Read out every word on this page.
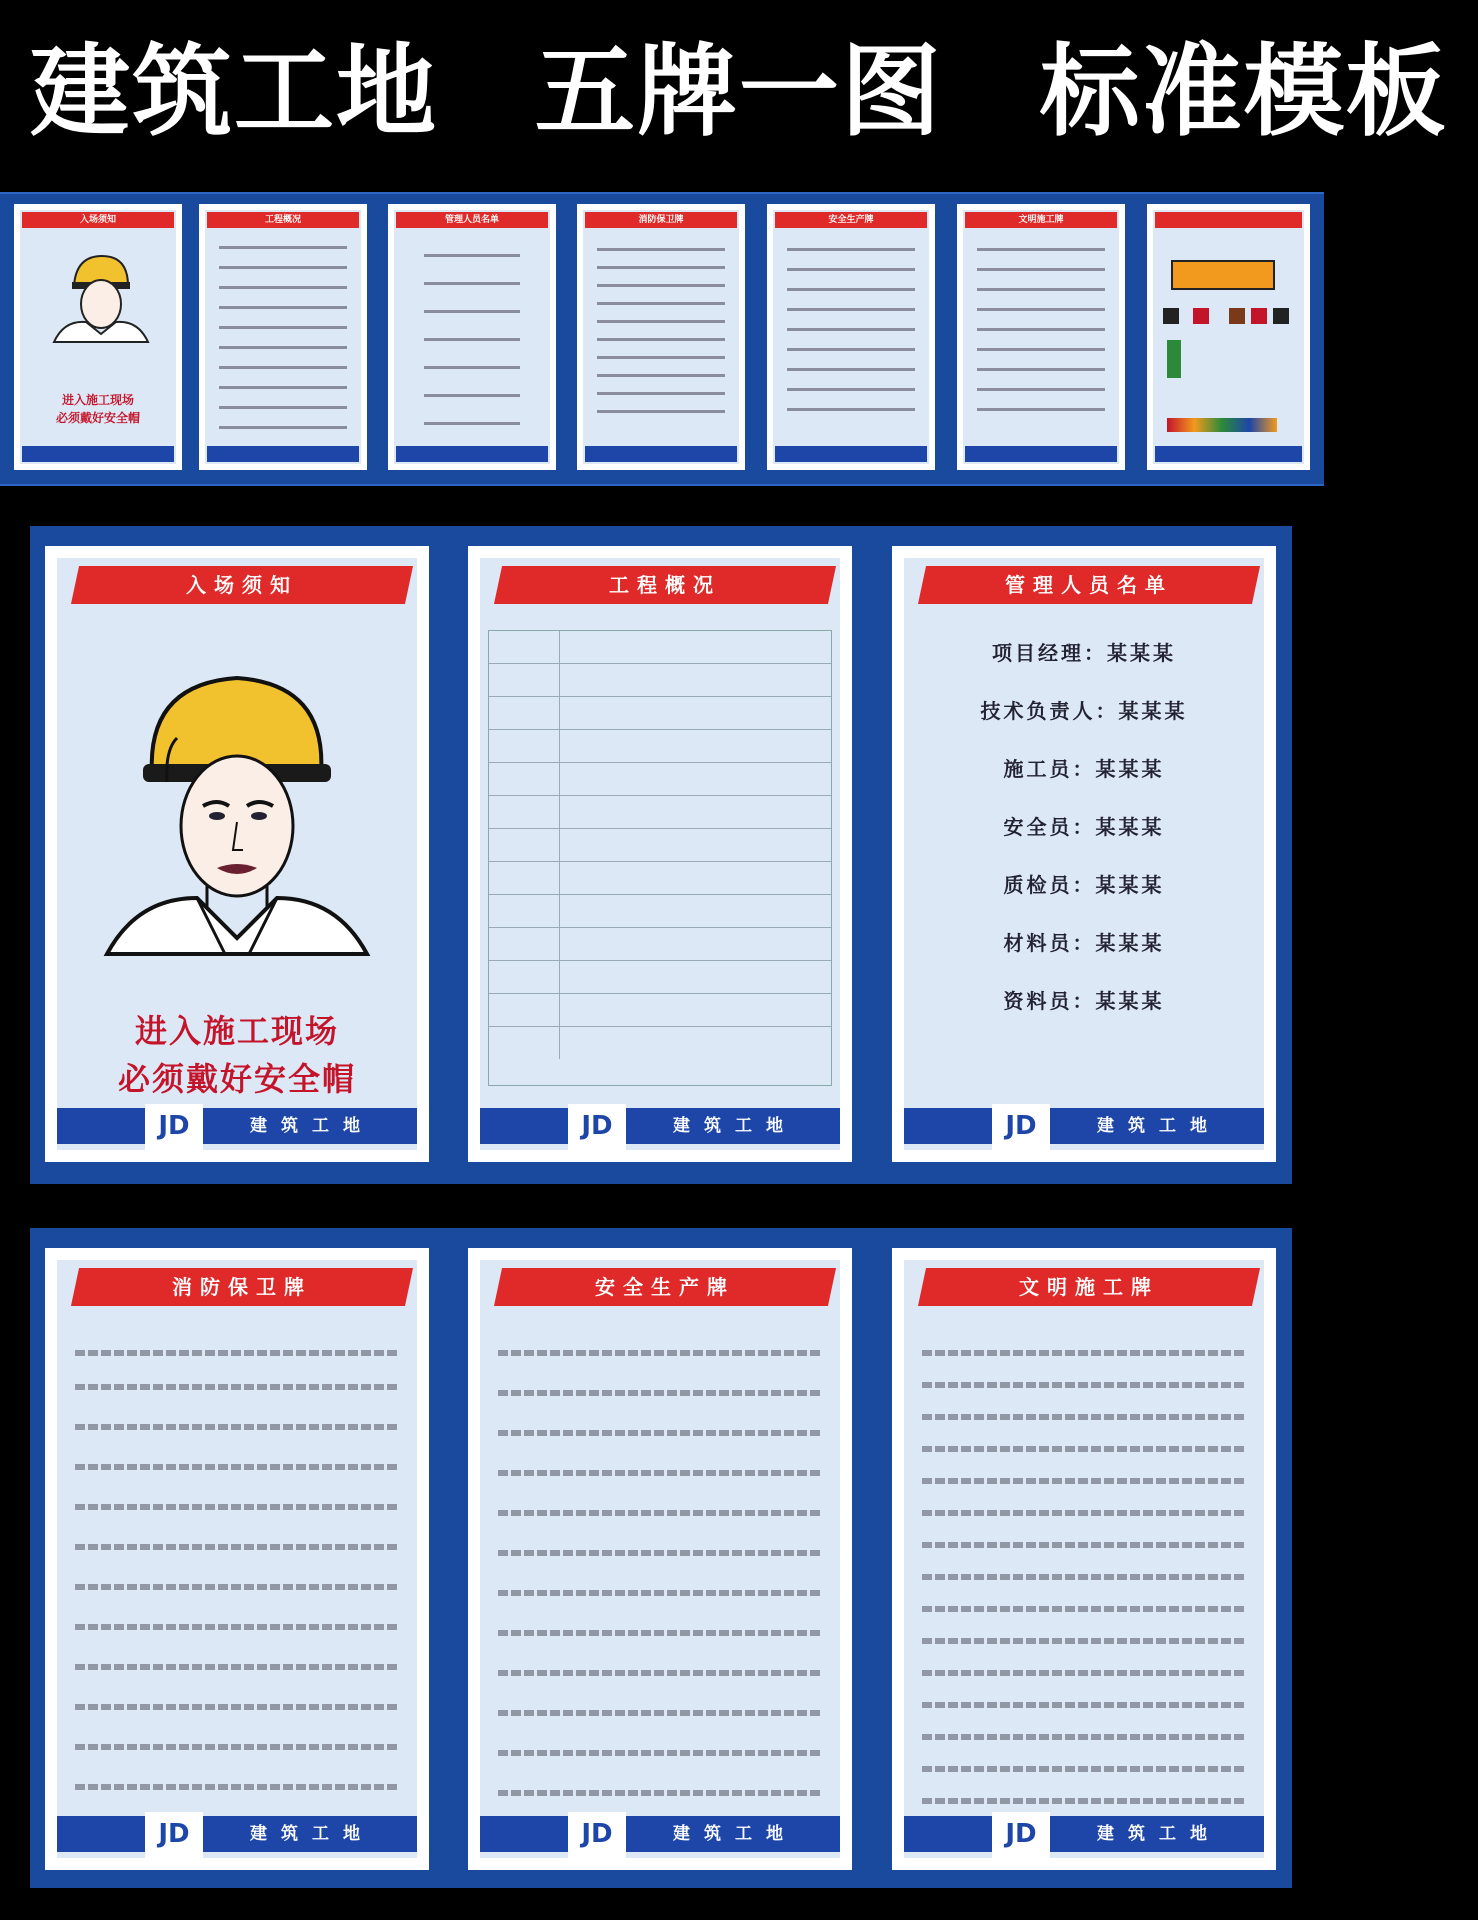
建筑工地 五牌一图 标准模板
入场须知
进入施工现场
必须戴好安全帽
工程概况	管理人员名单	消防保卫牌	安全生产牌	文明施工牌
入场须知
进入施工现场
必须戴好安全帽
建筑工地
JD
工程概况
建筑工地
JD
管理人员名单
项目经理：某某某
技术负责人：某某某
施工员：某某某
安全员：某某某
质检员：某某某
材料员：某某某
资料员：某某某
建筑工地
JD
消防保卫牌
建筑工地
JD
安全生产牌
建筑工地
JD
文明施工牌
建筑工地
JD
